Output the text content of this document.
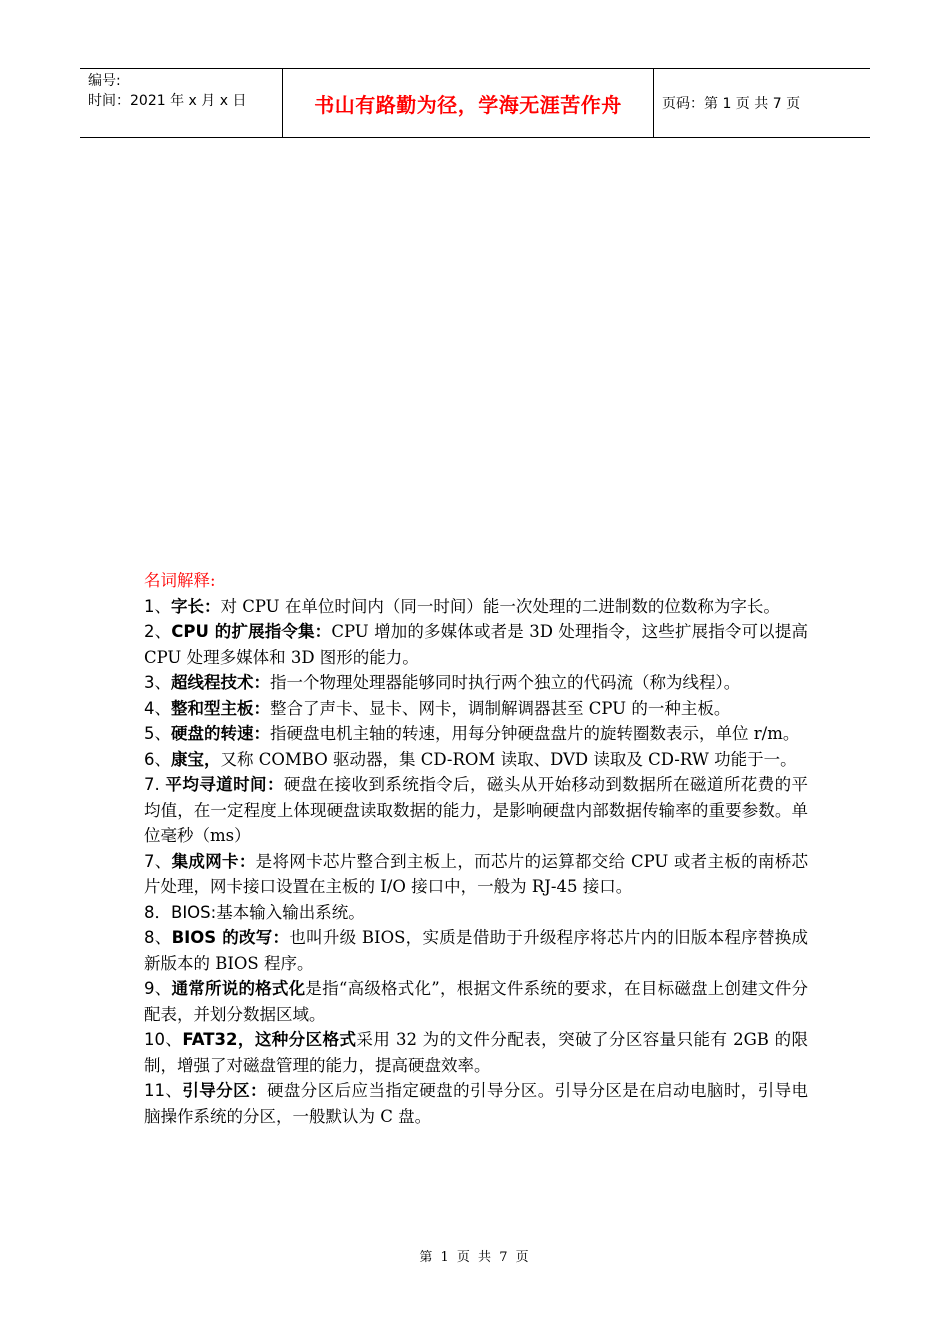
编号:
时间：2021 年 x 月 x 日	书山有路勤为径，学海无涯苦作舟	页码：第 1 页 共 7 页

名词解释:

1、字长：对 CPU 在单位时间内（同一时间）能一次处理的二进制数的位数称为字长。

2、CPU 的扩展指令集：CPU 增加的多媒体或者是 3D 处理指令，这些扩展指令可以提高 CPU 处理多媒体和 3D 图形的能力。

3、超线程技术：指一个物理处理器能够同时执行两个独立的代码流（称为线程）。

4、整和型主板：整合了声卡、显卡、网卡，调制解调器甚至 CPU 的一种主板。

5、硬盘的转速：指硬盘电机主轴的转速，用每分钟硬盘盘片的旋转圈数表示，单位 r/m。

6、康宝，又称 COMBO 驱动器，集 CD-ROM 读取、DVD 读取及 CD-RW 功能于一。

7. 平均寻道时间：硬盘在接收到系统指令后，磁头从开始移动到数据所在磁道所花费的平均值，在一定程度上体现硬盘读取数据的能力，是影响硬盘内部数据传输率的重要参数。单位毫秒（ms）

7、集成网卡：是将网卡芯片整合到主板上，而芯片的运算都交给 CPU 或者主板的南桥芯片处理，网卡接口设置在主板的 I/O 接口中，一般为 RJ-45 接口。

8．BIOS:基本输入输出系统。

8、BIOS 的改写：也叫升级 BIOS，实质是借助于升级程序将芯片内的旧版本程序替换成新版本的 BIOS 程序。

9、通常所说的格式化是指“高级格式化”，根据文件系统的要求，在目标磁盘上创建文件分配表，并划分数据区域。

10、FAT32，这种分区格式采用 32 为的文件分配表，突破了分区容量只能有 2GB 的限制，增强了对磁盘管理的能力，提高硬盘效率。

11、引导分区：硬盘分区后应当指定硬盘的引导分区。引导分区是在启动电脑时，引导电脑操作系统的分区，一般默认为 C 盘。

第 1 页 共 7 页
